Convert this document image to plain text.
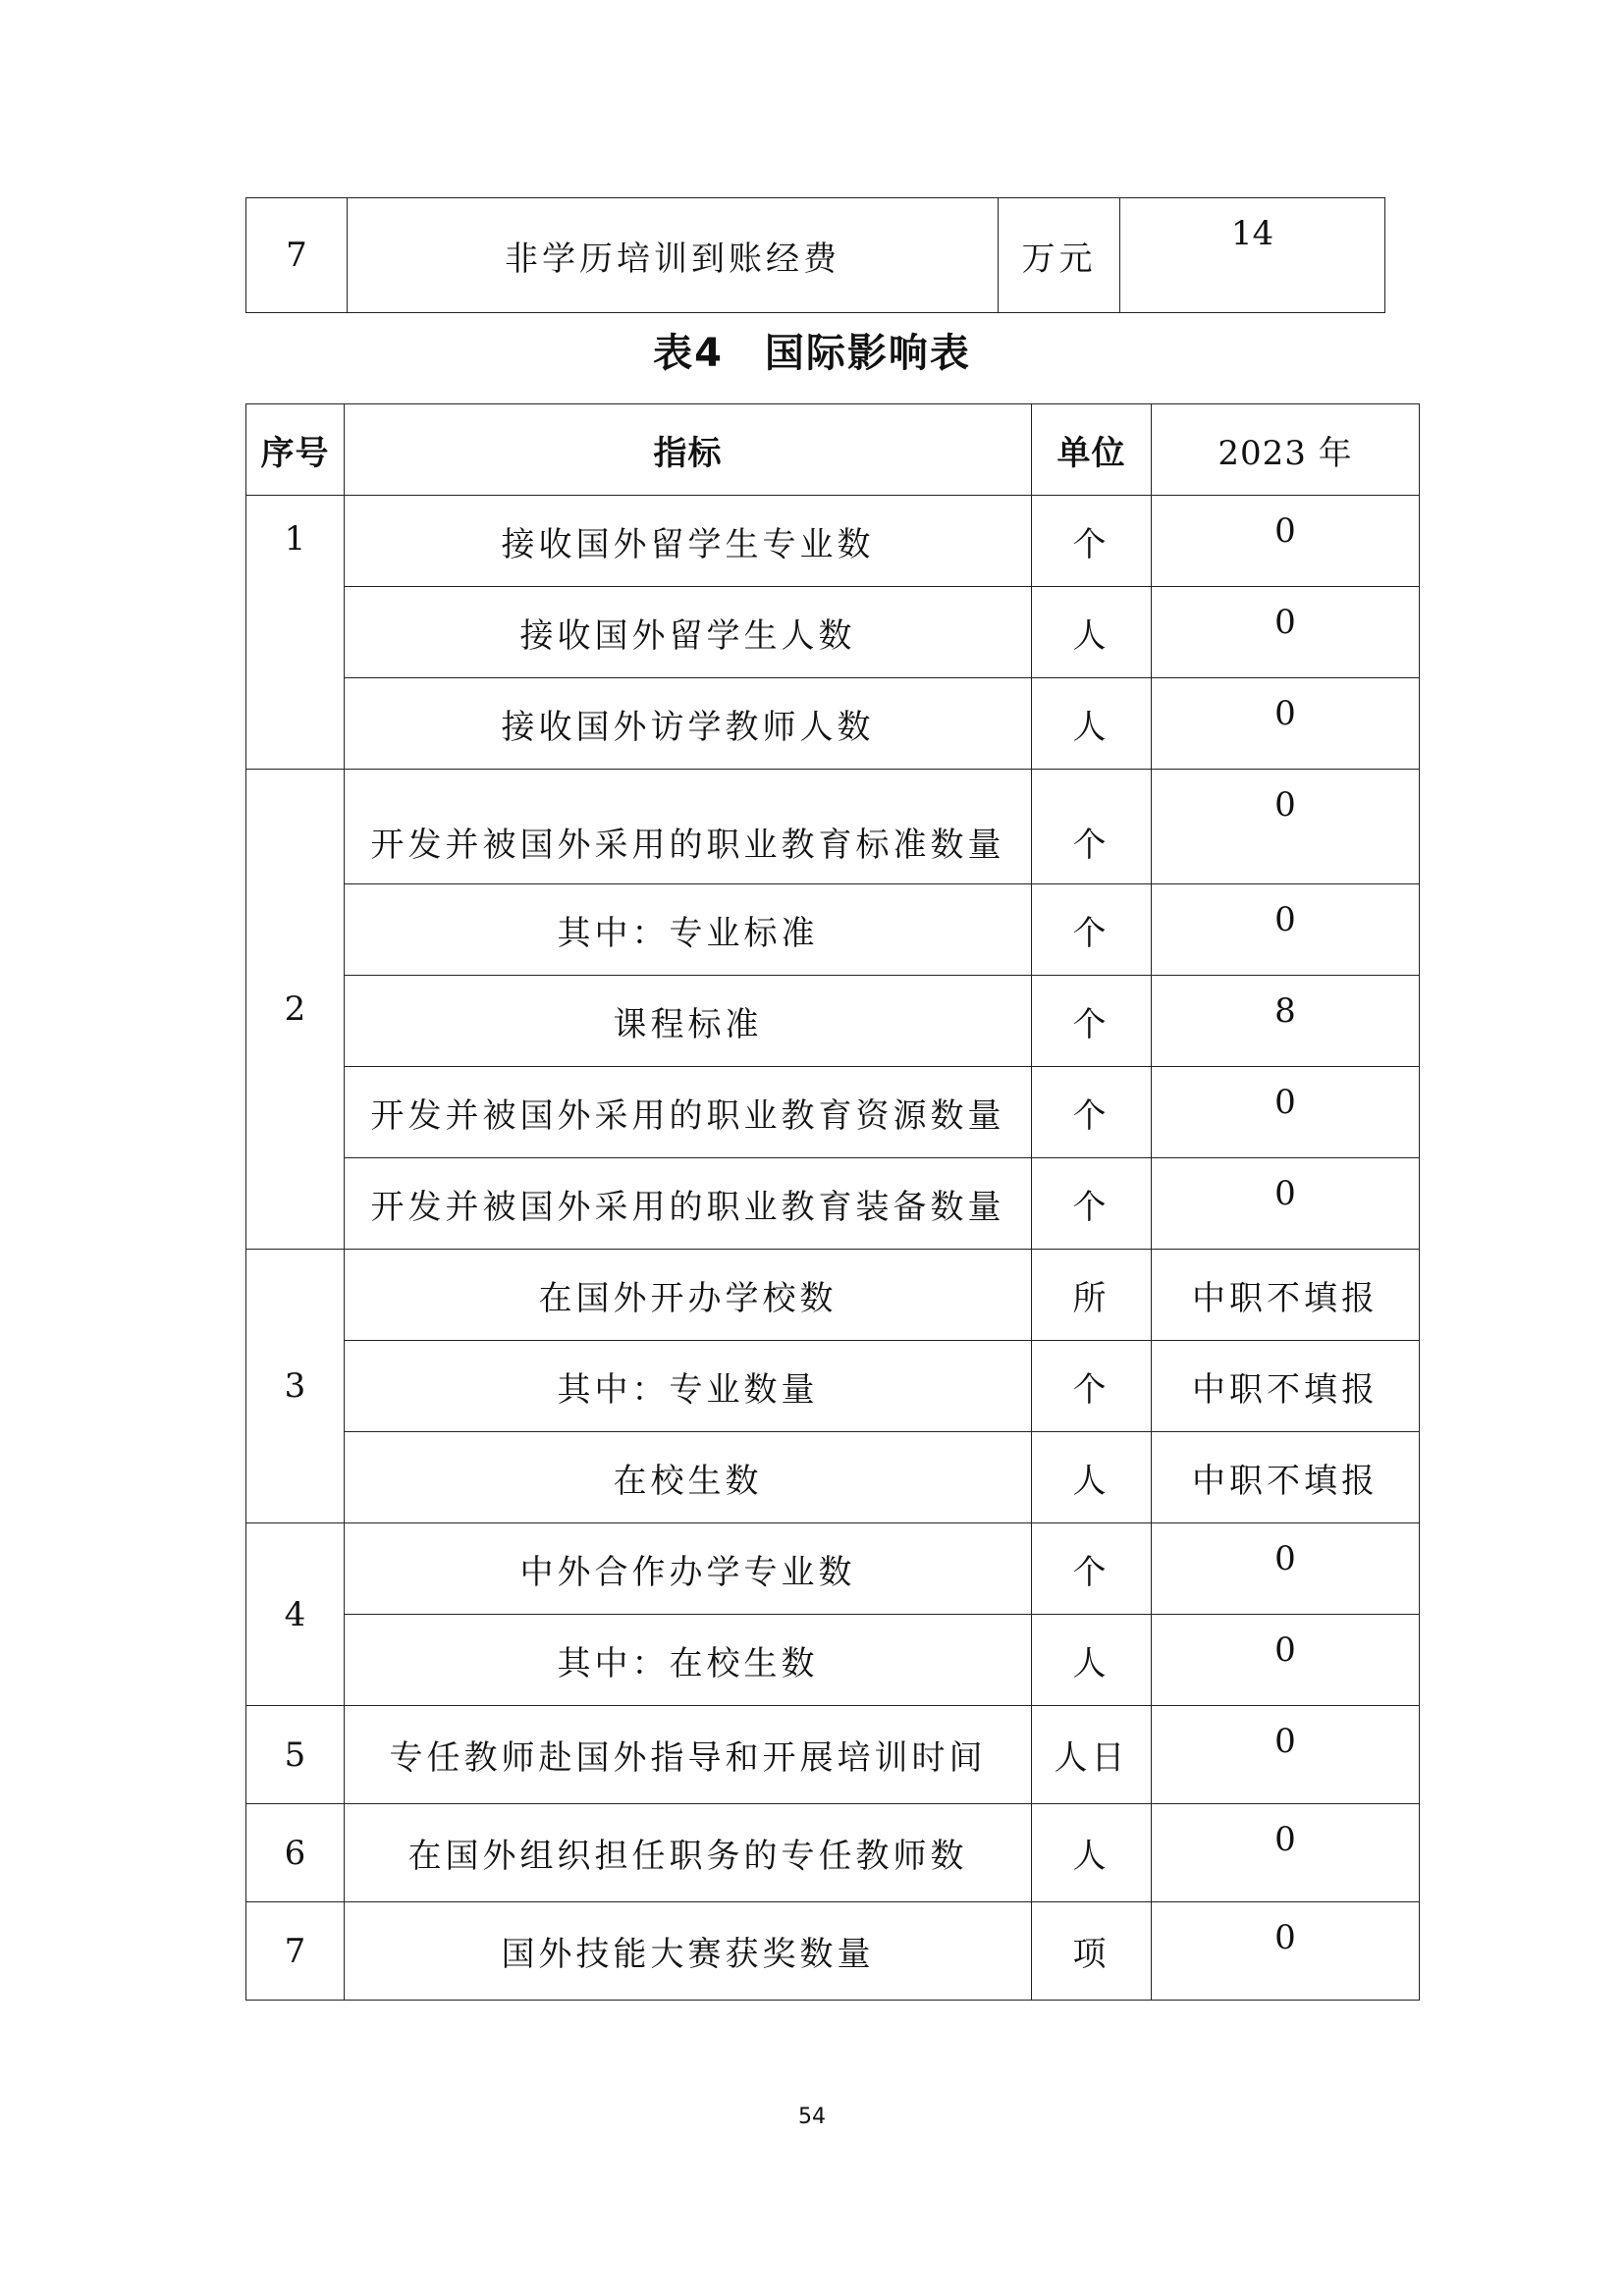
7	非学历培训到账经费	万元	14
表4　国际影响表
序号	指标	单位	2023 年
1	接收国外留学生专业数	个	0
	接收国外留学生人数	人	0
	接收国外访学教师人数	人	0
2	开发并被国外采用的职业教育标准数量	个	0
	其中：专业标准	个	0
	课程标准	个	8
	开发并被国外采用的职业教育资源数量	个	0
	开发并被国外采用的职业教育装备数量	个	0
3	在国外开办学校数	所	中职不填报
	其中：专业数量	个	中职不填报
	在校生数	人	中职不填报
4	中外合作办学专业数	个	0
	其中：在校生数	人	0
5	专任教师赴国外指导和开展培训时间	人日	0
6	在国外组织担任职务的专任教师数	人	0
7	国外技能大赛获奖数量	项	0
54
